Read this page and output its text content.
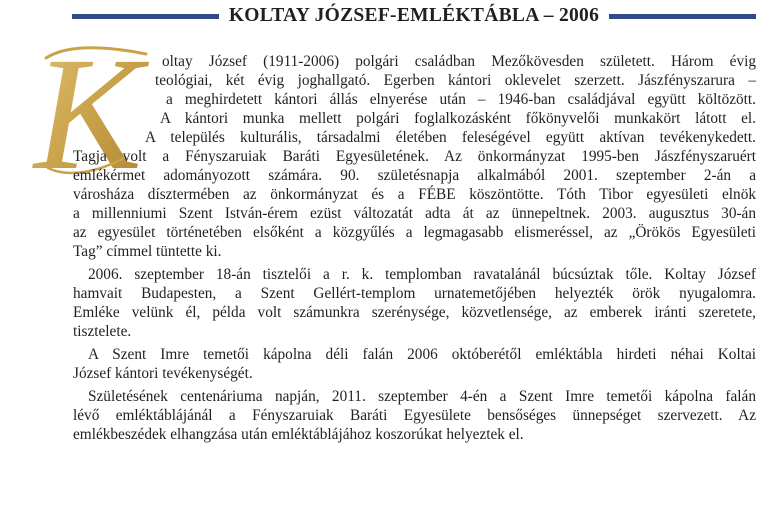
KOLTAY JÓZSEF-EMLÉKTÁBLA – 2006
K	oltay József (1911-2006) polgári családban Mezőkövesden született. Három évig
teológiai, két évig joghallgató. Egerben kántori oklevelet szerzett. Jászfényszarura –
a meghirdetett kántori állás elnyerése után – 1946-ban családjával együtt költözött.
A kántori munka mellett polgári foglalkozásként főkönyvelői munkakört látott el.
A település kulturális, társadalmi életében feleségével együtt aktívan tevékenykedett.
Tagja volt a Fényszaruiak Baráti Egyesületének. Az önkormányzat 1995-ben Jászfényszaruért
emlékérmet adományozott számára. 90. születésnapja alkalmából 2001. szeptember 2-án a
városháza dísztermében az önkormányzat és a FÉBE köszöntötte. Tóth Tibor egyesületi elnök
a millenniumi Szent István-érem ezüst változatát adta át az ünnepeltnek. 2003. augusztus 30-án
az egyesület történetében elsőként a közgyűlés a legmagasabb elismeréssel, az „Örökös Egyesületi
Tag” címmel tüntette ki.
2006. szeptember 18-án tisztelői a r. k. templomban ravatalánál búcsúztak tőle. Koltay József
hamvait Budapesten, a Szent Gellért-templom urnatemetőjében helyezték örök nyugalomra.
Emléke velünk él, példa volt számunkra szerénysége, közvetlensége, az emberek iránti szeretete,
tisztelete.
A Szent Imre temetői kápolna déli falán 2006 októberétől emléktábla hirdeti néhai Koltai
József kántori tevékenységét.
Születésének centenáriuma napján, 2011. szeptember 4-én a Szent Imre temetői kápolna falán
lévő emléktáblájánál a Fényszaruiak Baráti Egyesülete bensőséges ünnepséget szervezett. Az
emlékbeszédek elhangzása után emléktáblájához koszorúkat helyeztek el.
